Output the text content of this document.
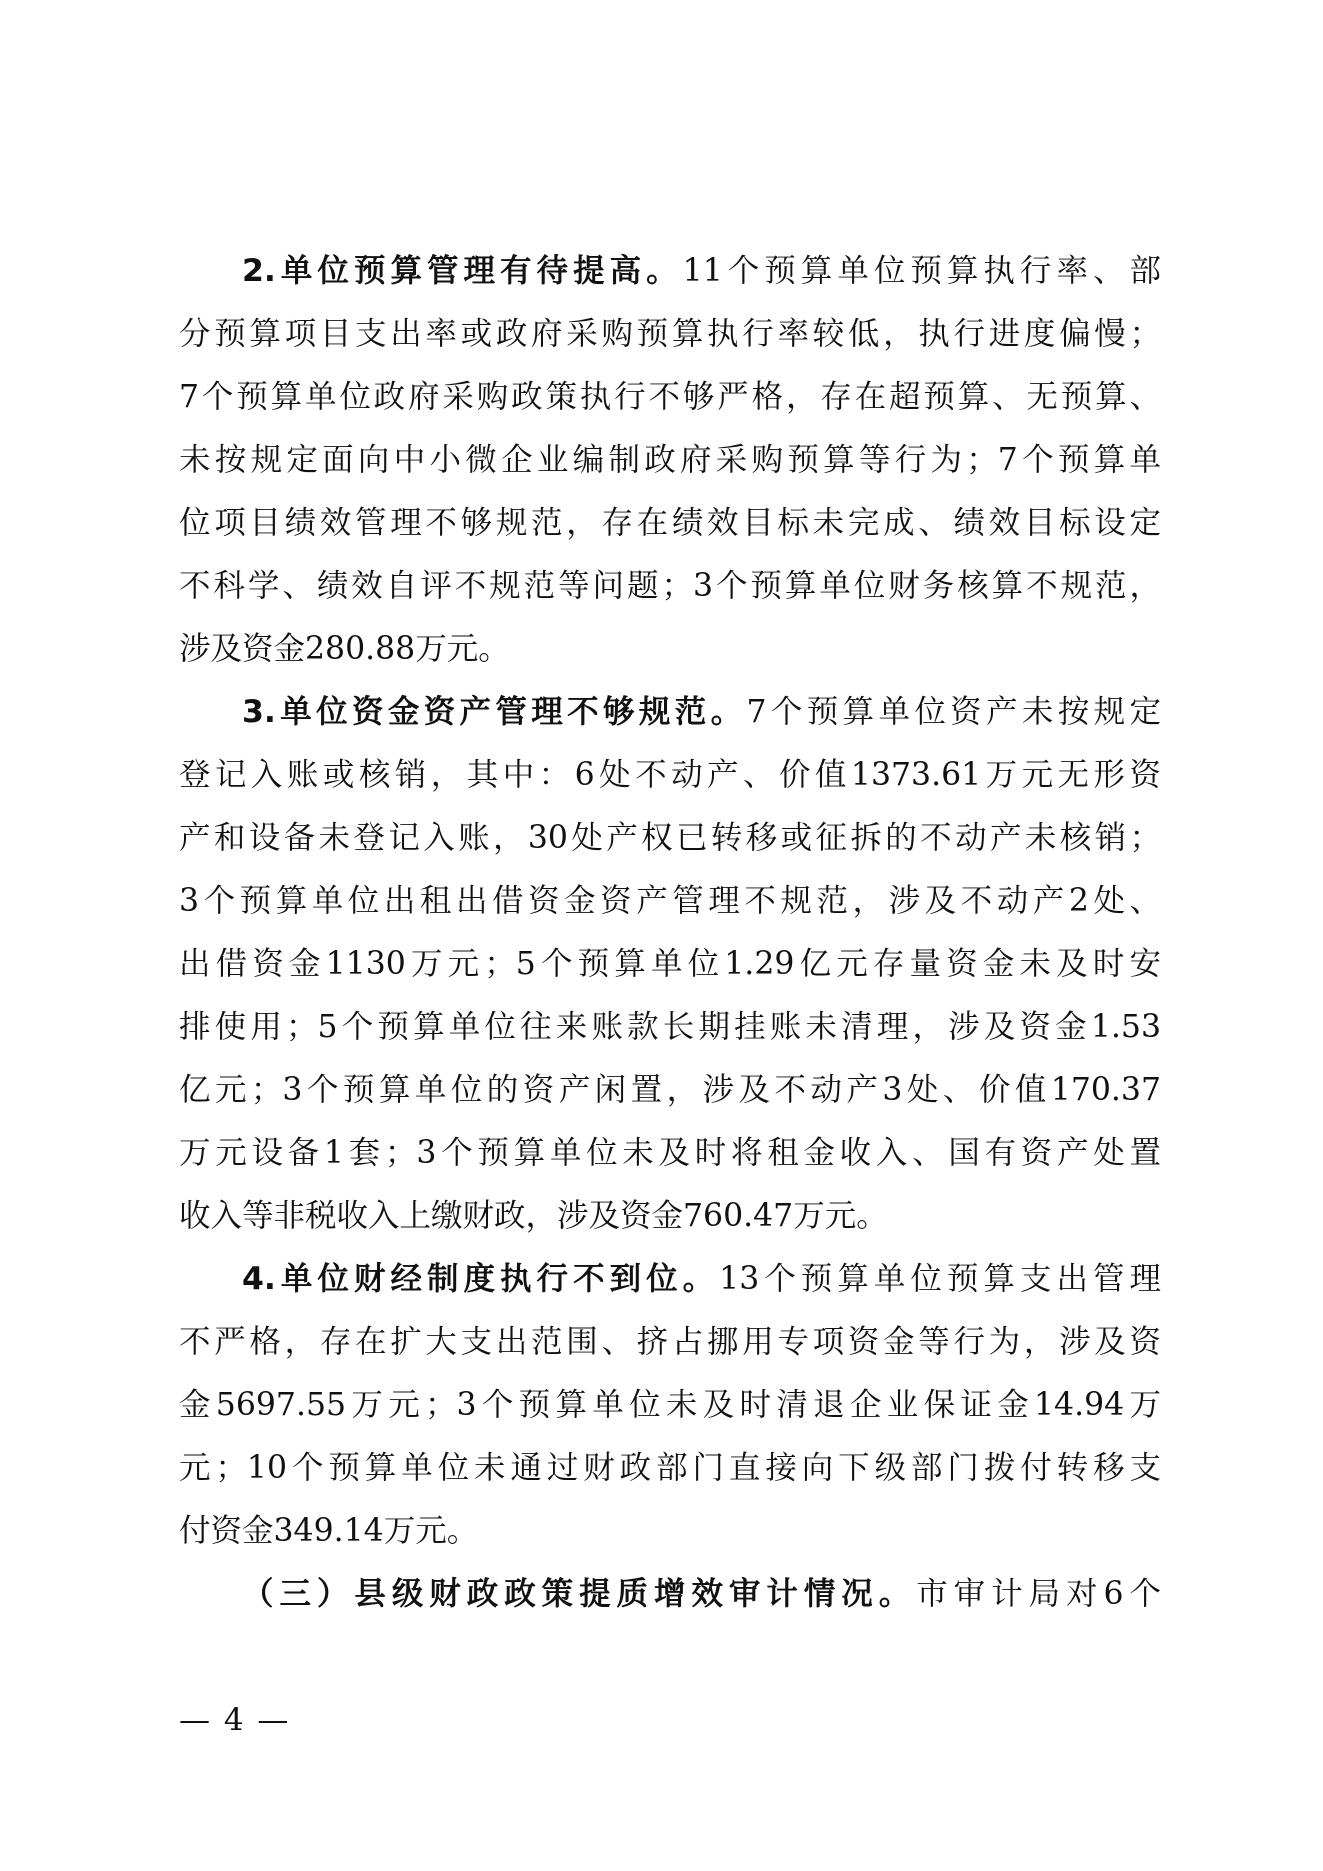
2.单位预算管理有待提高。11个预算单位预算执行率、部
分预算项目支出率或政府采购预算执行率较低，执行进度偏慢；
7个预算单位政府采购政策执行不够严格，存在超预算、无预算、
未按规定面向中小微企业编制政府采购预算等行为；7个预算单
位项目绩效管理不够规范，存在绩效目标未完成、绩效目标设定
不科学、绩效自评不规范等问题；3个预算单位财务核算不规范，
涉及资金280.88万元。
3.单位资金资产管理不够规范。7个预算单位资产未按规定
登记入账或核销，其中：6处不动产、价值1373.61万元无形资
产和设备未登记入账，30处产权已转移或征拆的不动产未核销；
3个预算单位出租出借资金资产管理不规范，涉及不动产2处、
出借资金1130万元；5个预算单位1.29亿元存量资金未及时安
排使用；5个预算单位往来账款长期挂账未清理，涉及资金1.53
亿元；3个预算单位的资产闲置，涉及不动产3处、价值170.37
万元设备1套；3个预算单位未及时将租金收入、国有资产处置
收入等非税收入上缴财政，涉及资金760.47万元。
4.单位财经制度执行不到位。13个预算单位预算支出管理
不严格，存在扩大支出范围、挤占挪用专项资金等行为，涉及资
金5697.55万元；3个预算单位未及时清退企业保证金14.94万
元；10个预算单位未通过财政部门直接向下级部门拨付转移支
付资金349.14万元。
（三）县级财政政策提质增效审计情况。市审计局对6个
— 4 —
